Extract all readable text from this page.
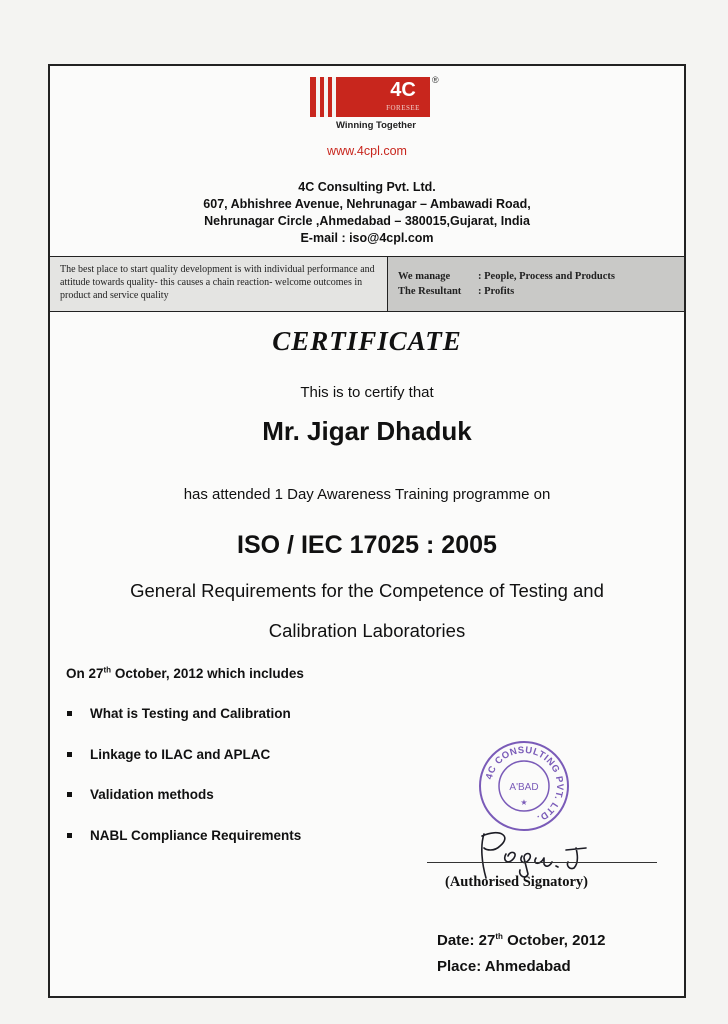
4C
FORESEE
®
Winning Together
www.4cpl.com
4C Consulting Pvt. Ltd.
607, Abhishree Avenue, Nehrunagar – Ambawadi Road,
Nehrunagar Circle ,Ahmedabad – 380015,Gujarat, India
E-mail : iso@4cpl.com
The best place to start quality development is with individual performance and attitude towards quality- this causes a chain reaction- welcome outcomes in product and service quality
We manage	: People, Process and Products
The Resultant : Profits
CERTIFICATE
This is to certify that
Mr. Jigar Dhaduk
has attended 1 Day Awareness Training programme on
ISO / IEC 17025 : 2005
General Requirements for the Competence of Testing and
Calibration Laboratories
On 27th October, 2012 which includes
What is Testing and Calibration
Linkage to ILAC and APLAC
Validation methods
NABL Compliance Requirements
4C CONSULTING PVT. LTD.
A'BAD
★
(Authorised Signatory)
Date: 27th October, 2012
Place: Ahmedabad
